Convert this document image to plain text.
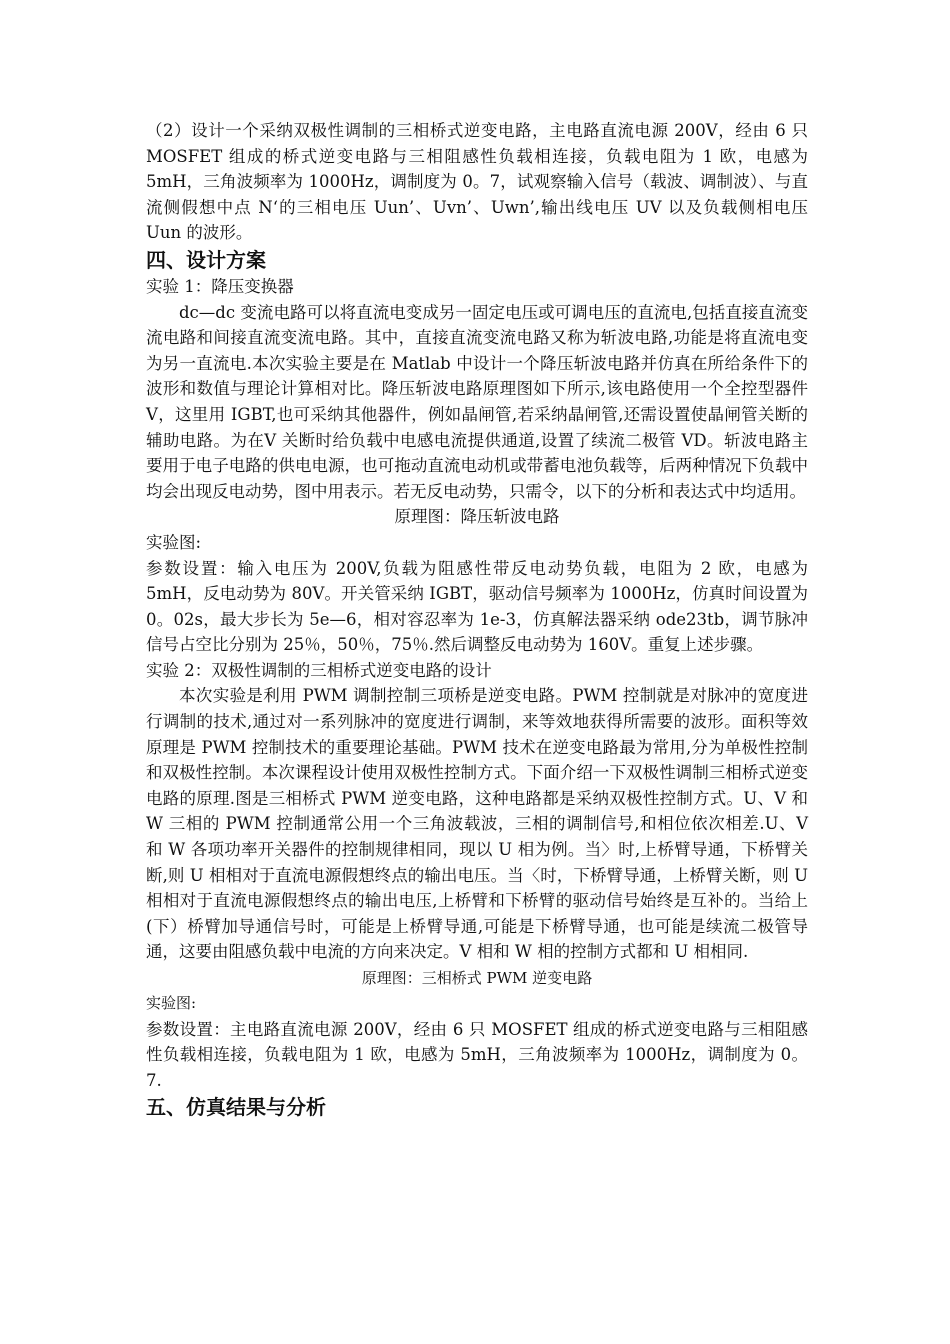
（2）设计一个采纳双极性调制的三相桥式逆变电路，主电路直流电源 200V，经由 6 只 MOSFET 组成的桥式逆变电路与三相阻感性负载相连接，负载电阻为 1 欧，电感为 5mH，三角波频率为 1000Hz，调制度为 0。7，试观察输入信号（载波、调制波）、与直流侧假想中点 N‘的三相电压 Uun’、Uvn’、Uwn’,输出线电压 UV 以及负载侧相电压 Uun 的波形。

四、设计方案

实验 1：降压变换器

dc—dc 变流电路可以将直流电变成另一固定电压或可调电压的直流电,包括直接直流变流电路和间接直流变流电路。其中，直接直流变流电路又称为斩波电路,功能是将直流电变为另一直流电.本次实验主要是在 Matlab 中设计一个降压斩波电路并仿真在所给条件下的波形和数值与理论计算相对比。降压斩波电路原理图如下所示,该电路使用一个全控型器件 V，这里用 IGBT,也可采纳其他器件，例如晶闸管,若采纳晶闸管,还需设置使晶闸管关断的辅助电路。为在V 关断时给负载中电感电流提供通道,设置了续流二极管 VD。斩波电路主要用于电子电路的供电电源，也可拖动直流电动机或带蓄电池负载等，后两种情况下负载中均会出现反电动势，图中用表示。若无反电动势，只需令，以下的分析和表达式中均适用。

原理图：降压斩波电路

实验图:

参数设置：输入电压为 200V,负载为阻感性带反电动势负载，电阻为 2 欧，电感为 5mH，反电动势为 80V。开关管采纳 IGBT，驱动信号频率为 1000Hz，仿真时间设置为 0。02s，最大步长为 5e—6，相对容忍率为 1e-3，仿真解法器采纳 ode23tb，调节脉冲信号占空比分别为 25％，50％，75％.然后调整反电动势为 160V。重复上述步骤。

实验 2：双极性调制的三相桥式逆变电路的设计

本次实验是利用 PWM 调制控制三项桥是逆变电路。PWM 控制就是对脉冲的宽度进行调制的技术,通过对一系列脉冲的宽度进行调制，来等效地获得所需要的波形。面积等效原理是 PWM 控制技术的重要理论基础。PWM 技术在逆变电路最为常用,分为单极性控制和双极性控制。本次课程设计使用双极性控制方式。下面介绍一下双极性调制三相桥式逆变电路的原理.图是三相桥式 PWM 逆变电路，这种电路都是采纳双极性控制方式。U、V 和 W 三相的 PWM 控制通常公用一个三角波载波，三相的调制信号,和相位依次相差.U、V 和 W 各项功率开关器件的控制规律相同，现以 U 相为例。当〉时,上桥臂导通，下桥臂关断,则 U 相相对于直流电源假想终点的输出电压。当〈时，下桥臂导通，上桥臂关断，则 U 相相对于直流电源假想终点的输出电压,上桥臂和下桥臂的驱动信号始终是互补的。当给上(下）桥臂加导通信号时，可能是上桥臂导通,可能是下桥臂导通，也可能是续流二极管导通，这要由阻感负载中电流的方向来决定。V 相和 W 相的控制方式都和 U 相相同.

原理图：三相桥式 PWM 逆变电路

实验图:

参数设置：主电路直流电源 200V，经由 6 只 MOSFET 组成的桥式逆变电路与三相阻感性负载相连接，负载电阻为 1 欧，电感为 5mH，三角波频率为 1000Hz，调制度为 0。7.

五、仿真结果与分析
